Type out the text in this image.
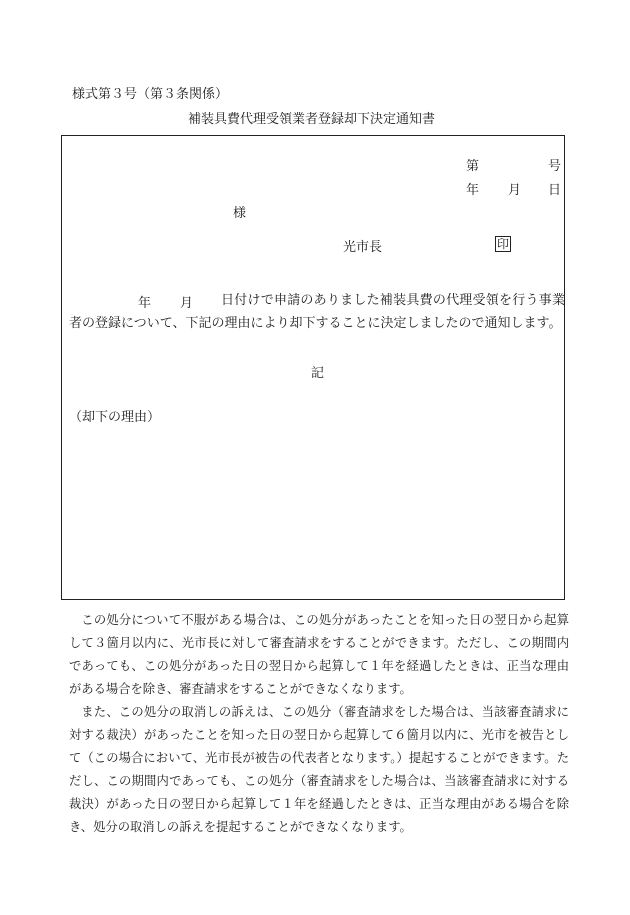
様式第３号（第３条関係）
補装具費代理受領業者登録却下決定通知書
第	号
年 月 日
様
光市長	印
年 月	日付けで申請のありました補装具費の代理受領を行う事業者の登録について、下記の理由により却下することに決定しましたので通知します。
記
（却下の理由）

この処分について不服がある場合は、この処分があったことを知った日の翌日から起算して３箇月以内に、光市長に対して審査請求をすることができます。ただし、この期間内であっても、この処分があった日の翌日から起算して１年を経過したときは、正当な理由がある場合を除き、審査請求をすることができなくなります。

また、この処分の取消しの訴えは、この処分（審査請求をした場合は、当該審査請求に対する裁決）があったことを知った日の翌日から起算して６箇月以内に、光市を被告として（この場合において、光市長が被告の代表者となります。）提起することができます。ただし、この期間内であっても、この処分（審査請求をした場合は、当該審査請求に対する裁決）があった日の翌日から起算して１年を経過したときは、正当な理由がある場合を除き、処分の取消しの訴えを提起することができなくなります。
